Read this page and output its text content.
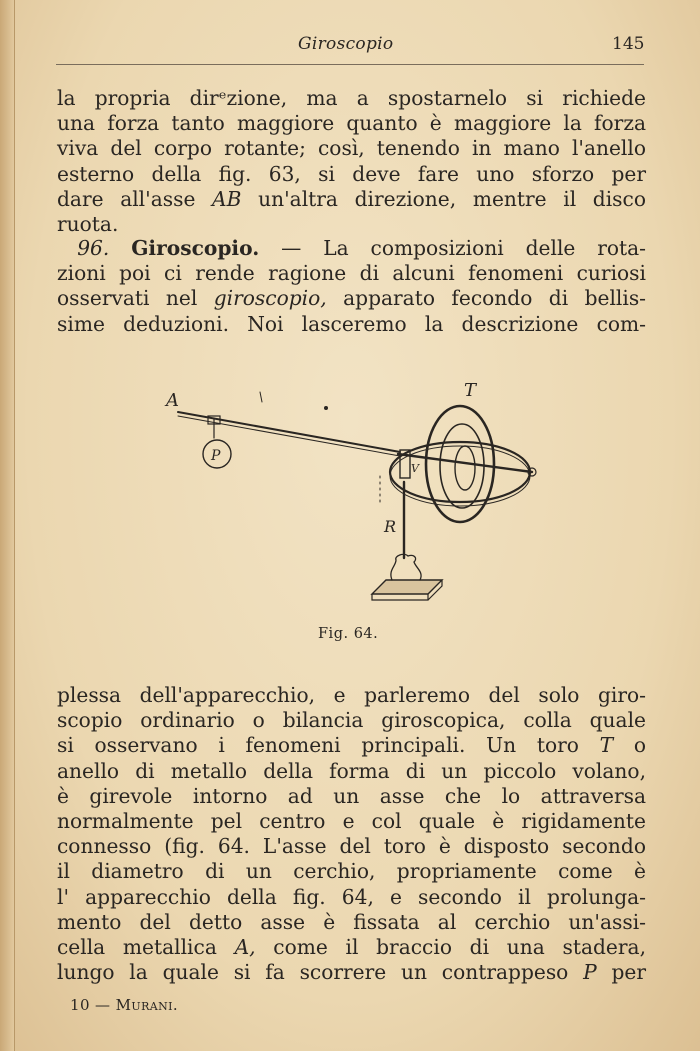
Giroscopio	145

la propria dirᵉᴢione, ma a spostarnelo si richiede
una forza tanto maggiore quanto è maggiore la forza
viva del corpo rotante; così, tenendo in mano l'anello
esterno della fig. 63, si deve fare uno sforzo per
dare all'asse AB un'altra direzione, mentre il disco
ruota.

 96. Giroscopio. — La composizioni delle rota-
zioni poi ci rende ragione di alcuni fenomeni curiosi
osservati nel giroscopio, apparato fecondo di bellis-
sime deduzioni. Noi lasceremo la descrizione com-

A	T
P
R
V
Fig. 64.

plessa dell'apparecchio, e parleremo del solo giro-
scopio ordinario o bilancia giroscopica, colla quale
si osservano i fenomeni principali. Un toro T o
anello di metallo della forma di un piccolo volano,
è girevole intorno ad un asse che lo attraversa
normalmente pel centro e col quale è rigidamente
connesso (fig. 64. L'asse del toro è disposto secondo
il diametro di un cerchio, propriamente come è
l' apparecchio della fig. 64, e secondo il prolunga-
mento del detto asse è fissata al cerchio un'assi-
cella metallica A, come il braccio di una stadera,
lungo la quale si fa scorrere un contrappeso P per

10 — Murani.
